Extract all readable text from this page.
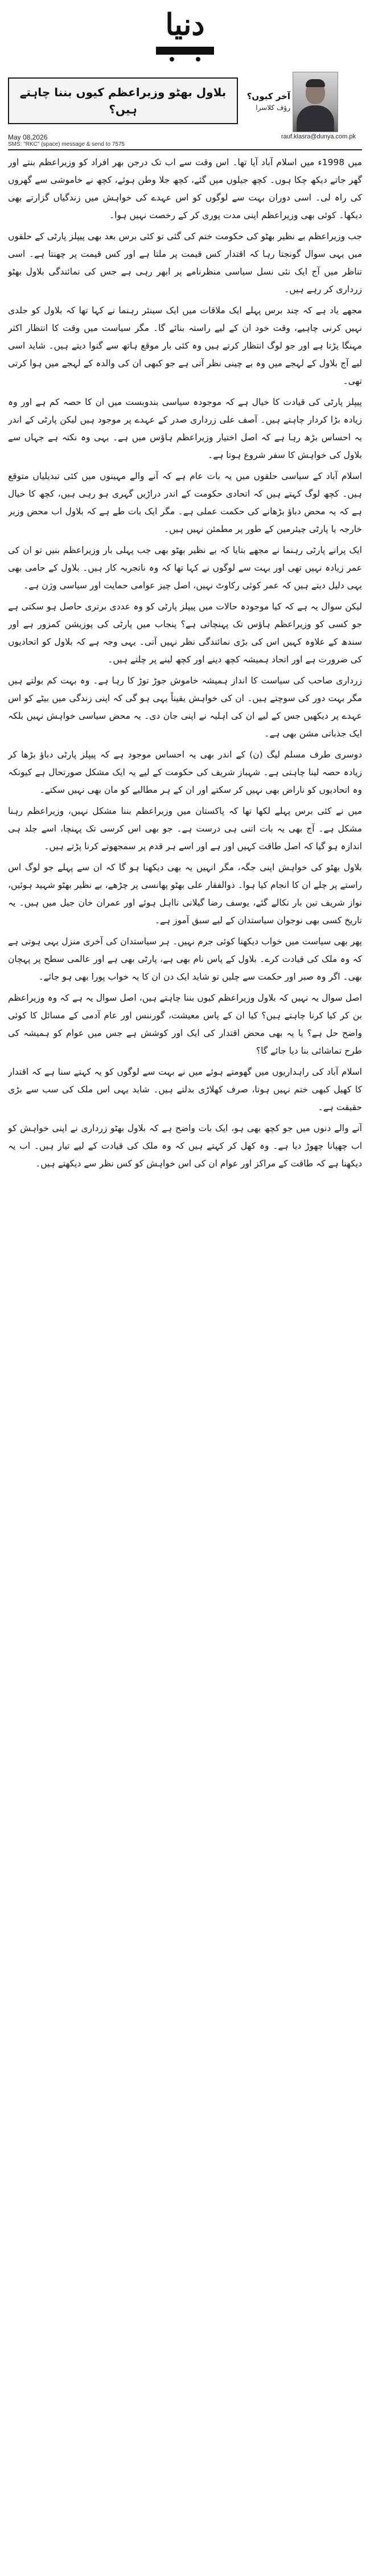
دنیا
بلاول بھٹو وزیراعظم کیوں بننا چاہتے ہیں؟
آخر کیوں؟
رؤف کلاسرا
May 08,2026	rauf.klasra@dunya.com.pk
SMS: "RKC" (space) message & send to 7575

میں 1998ء میں اسلام آباد آیا تھا۔ اس وقت سے اب تک درجن بھر افراد کو وزیراعظم بنتے اور گھر جاتے دیکھ چکا ہوں۔ کچھ جیلوں میں گئے، کچھ جلا وطن ہوئے، کچھ نے خاموشی سے گھروں کی راہ لی۔ اسی دوران بہت سے لوگوں کو اس عہدے کی خواہش میں زندگیاں گزارتے بھی دیکھا۔ کوئی بھی وزیراعظم اپنی مدت پوری کر کے رخصت نہیں ہوا۔

جب وزیراعظم بے نظیر بھٹو کی حکومت ختم کی گئی تو کئی برس بعد بھی پیپلز پارٹی کے حلقوں میں یہی سوال گونجتا رہا کہ اقتدار کس قیمت پر ملتا ہے اور کس قیمت پر چھنتا ہے۔ اسی تناظر میں آج ایک نئی نسل سیاسی منظرنامے پر ابھر رہی ہے جس کی نمائندگی بلاول بھٹو زرداری کر رہے ہیں۔

مجھے یاد ہے کہ چند برس پہلے ایک ملاقات میں ایک سینئر رہنما نے کہا تھا کہ بلاول کو جلدی نہیں کرنی چاہیے، وقت خود ان کے لیے راستہ بنائے گا۔ مگر سیاست میں وقت کا انتظار اکثر مہنگا پڑتا ہے اور جو لوگ انتظار کرتے ہیں وہ کئی بار موقع ہاتھ سے گنوا دیتے ہیں۔ شاید اسی لیے آج بلاول کے لہجے میں وہ بے چینی نظر آتی ہے جو کبھی ان کی والدہ کے لہجے میں ہوا کرتی تھی۔

پیپلز پارٹی کی قیادت کا خیال ہے کہ موجودہ سیاسی بندوبست میں ان کا حصہ کم ہے اور وہ زیادہ بڑا کردار چاہتے ہیں۔ آصف علی زرداری صدر کے عہدے پر موجود ہیں لیکن پارٹی کے اندر یہ احساس بڑھ رہا ہے کہ اصل اختیار وزیراعظم ہاؤس میں ہے۔ یہی وہ نکتہ ہے جہاں سے بلاول کی خواہش کا سفر شروع ہوتا ہے۔

اسلام آباد کے سیاسی حلقوں میں یہ بات عام ہے کہ آنے والے مہینوں میں کئی تبدیلیاں متوقع ہیں۔ کچھ لوگ کہتے ہیں کہ اتحادی حکومت کے اندر دراڑیں گہری ہو رہی ہیں، کچھ کا خیال ہے کہ یہ محض دباؤ بڑھانے کی حکمت عملی ہے۔ مگر ایک بات طے ہے کہ بلاول اب محض وزیر خارجہ یا پارٹی چیئرمین کے طور پر مطمئن نہیں ہیں۔

ایک پرانے پارٹی رہنما نے مجھے بتایا کہ بے نظیر بھٹو بھی جب پہلی بار وزیراعظم بنیں تو ان کی عمر زیادہ نہیں تھی اور بہت سے لوگوں نے کہا تھا کہ وہ ناتجربہ کار ہیں۔ بلاول کے حامی بھی یہی دلیل دیتے ہیں کہ عمر کوئی رکاوٹ نہیں، اصل چیز عوامی حمایت اور سیاسی وژن ہے۔

لیکن سوال یہ ہے کہ کیا موجودہ حالات میں پیپلز پارٹی کو وہ عددی برتری حاصل ہو سکتی ہے جو کسی کو وزیراعظم ہاؤس تک پہنچاتی ہے؟ پنجاب میں پارٹی کی پوزیشن کمزور ہے اور سندھ کے علاوہ کہیں اس کی بڑی نمائندگی نظر نہیں آتی۔ یہی وجہ ہے کہ بلاول کو اتحادیوں کی ضرورت ہے اور اتحاد ہمیشہ کچھ دینے اور کچھ لینے پر چلتے ہیں۔

زرداری صاحب کی سیاست کا انداز ہمیشہ خاموش جوڑ توڑ کا رہا ہے۔ وہ بہت کم بولتے ہیں مگر بہت دور کی سوچتے ہیں۔ ان کی خواہش یقیناً یہی ہو گی کہ اپنی زندگی میں بیٹے کو اس عہدے پر دیکھیں جس کے لیے ان کی اہلیہ نے اپنی جان دی۔ یہ محض سیاسی خواہش نہیں بلکہ ایک جذباتی مشن بھی ہے۔

دوسری طرف مسلم لیگ (ن) کے اندر بھی یہ احساس موجود ہے کہ پیپلز پارٹی دباؤ بڑھا کر زیادہ حصہ لینا چاہتی ہے۔ شہباز شریف کی حکومت کے لیے یہ ایک مشکل صورتحال ہے کیونکہ وہ اتحادیوں کو ناراض بھی نہیں کر سکتے اور ان کے ہر مطالبے کو مان بھی نہیں سکتے۔

میں نے کئی برس پہلے لکھا تھا کہ پاکستان میں وزیراعظم بننا مشکل نہیں، وزیراعظم رہنا مشکل ہے۔ آج بھی یہ بات اتنی ہی درست ہے۔ جو بھی اس کرسی تک پہنچا، اسے جلد ہی اندازہ ہو گیا کہ اصل طاقت کہیں اور ہے اور اسے ہر قدم پر سمجھوتے کرنا پڑتے ہیں۔

بلاول بھٹو کی خواہش اپنی جگہ، مگر انہیں یہ بھی دیکھنا ہو گا کہ ان سے پہلے جو لوگ اس راستے پر چلے ان کا انجام کیا ہوا۔ ذوالفقار علی بھٹو پھانسی پر چڑھے، بے نظیر بھٹو شہید ہوئیں، نواز شریف تین بار نکالے گئے، یوسف رضا گیلانی نااہل ہوئے اور عمران خان جیل میں ہیں۔ یہ تاریخ کسی بھی نوجوان سیاستدان کے لیے سبق آموز ہے۔

پھر بھی سیاست میں خواب دیکھنا کوئی جرم نہیں۔ ہر سیاستدان کی آخری منزل یہی ہوتی ہے کہ وہ ملک کی قیادت کرے۔ بلاول کے پاس نام بھی ہے، پارٹی بھی ہے اور عالمی سطح پر پہچان بھی۔ اگر وہ صبر اور حکمت سے چلیں تو شاید ایک دن ان کا یہ خواب پورا بھی ہو جائے۔

اصل سوال یہ نہیں کہ بلاول وزیراعظم کیوں بننا چاہتے ہیں، اصل سوال یہ ہے کہ وہ وزیراعظم بن کر کیا کرنا چاہتے ہیں؟ کیا ان کے پاس معیشت، گورننس اور عام آدمی کے مسائل کا کوئی واضح حل ہے؟ یا یہ بھی محض اقتدار کی ایک اور کوشش ہے جس میں عوام کو ہمیشہ کی طرح تماشائی بنا دیا جائے گا؟

اسلام آباد کی راہداریوں میں گھومتے ہوئے میں نے بہت سے لوگوں کو یہ کہتے سنا ہے کہ اقتدار کا کھیل کبھی ختم نہیں ہوتا، صرف کھلاڑی بدلتے ہیں۔ شاید یہی اس ملک کی سب سے بڑی حقیقت ہے۔

آنے والے دنوں میں جو کچھ بھی ہو، ایک بات واضح ہے کہ بلاول بھٹو زرداری نے اپنی خواہش کو اب چھپانا چھوڑ دیا ہے۔ وہ کھل کر کہتے ہیں کہ وہ ملک کی قیادت کے لیے تیار ہیں۔ اب یہ دیکھنا ہے کہ طاقت کے مراکز اور عوام ان کی اس خواہش کو کس نظر سے دیکھتے ہیں۔
